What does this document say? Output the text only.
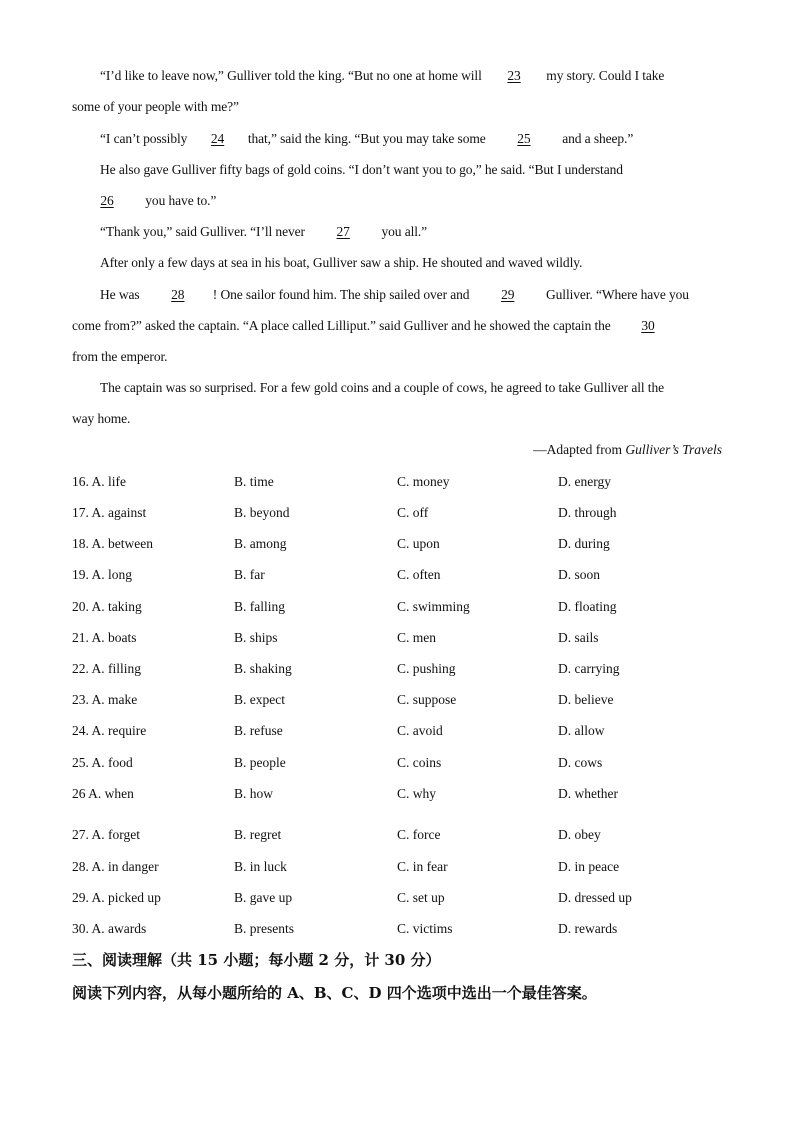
“I’d like to leave now,” Gulliver told the king. “But no one at home will 23 my story. Could I take
some of your people with me?”
“I can’t possibly 24 that,” said the king. “But you may take some 25 and a sheep.”
He also gave Gulliver fifty bags of gold coins. “I don’t want you to go,” he said. “But I understand
26 you have to.”
“Thank you,” said Gulliver. “I’ll never 27 you all.”
After only a few days at sea in his boat, Gulliver saw a ship. He shouted and waved wildly.
He was 28 ! One sailor found him. The ship sailed over and 29 Gulliver. “Where have you
come from?” asked the captain. “A place called Lilliput.” said Gulliver and he showed the captain the 30
from the emperor.
The captain was so surprised. For a few gold coins and a couple of cows, he agreed to take Gulliver all the
way home.
—Adapted from Gulliver’s Travels
16. A. life	B. time	C. money	D. energy
17. A. against	B. beyond	C. off	D. through
18. A. between	B. among	C. upon	D. during
19. A. long	B. far	C. often	D. soon
20. A. taking	B. falling	C. swimming	D. floating
21. A. boats	B. ships	C. men	D. sails
22. A. filling	B. shaking	C. pushing	D. carrying
23. A. make	B. expect	C. suppose	D. believe
24. A. require	B. refuse	C. avoid	D. allow
25. A. food	B. people	C. coins	D. cows
26 A. when	B. how	C. why	D. whether
27. A. forget	B. regret	C. force	D. obey
28. A. in danger	B. in luck	C. in fear	D. in peace
29. A. picked up	B. gave up	C. set up	D. dressed up
30. A. awards	B. presents	C. victims	D. rewards
三、阅读理解（共 15 小题；每小题 2 分，计 30 分）
阅读下列内容，从每小题所给的 A、B、C、D 四个选项中选出一个最佳答案。
